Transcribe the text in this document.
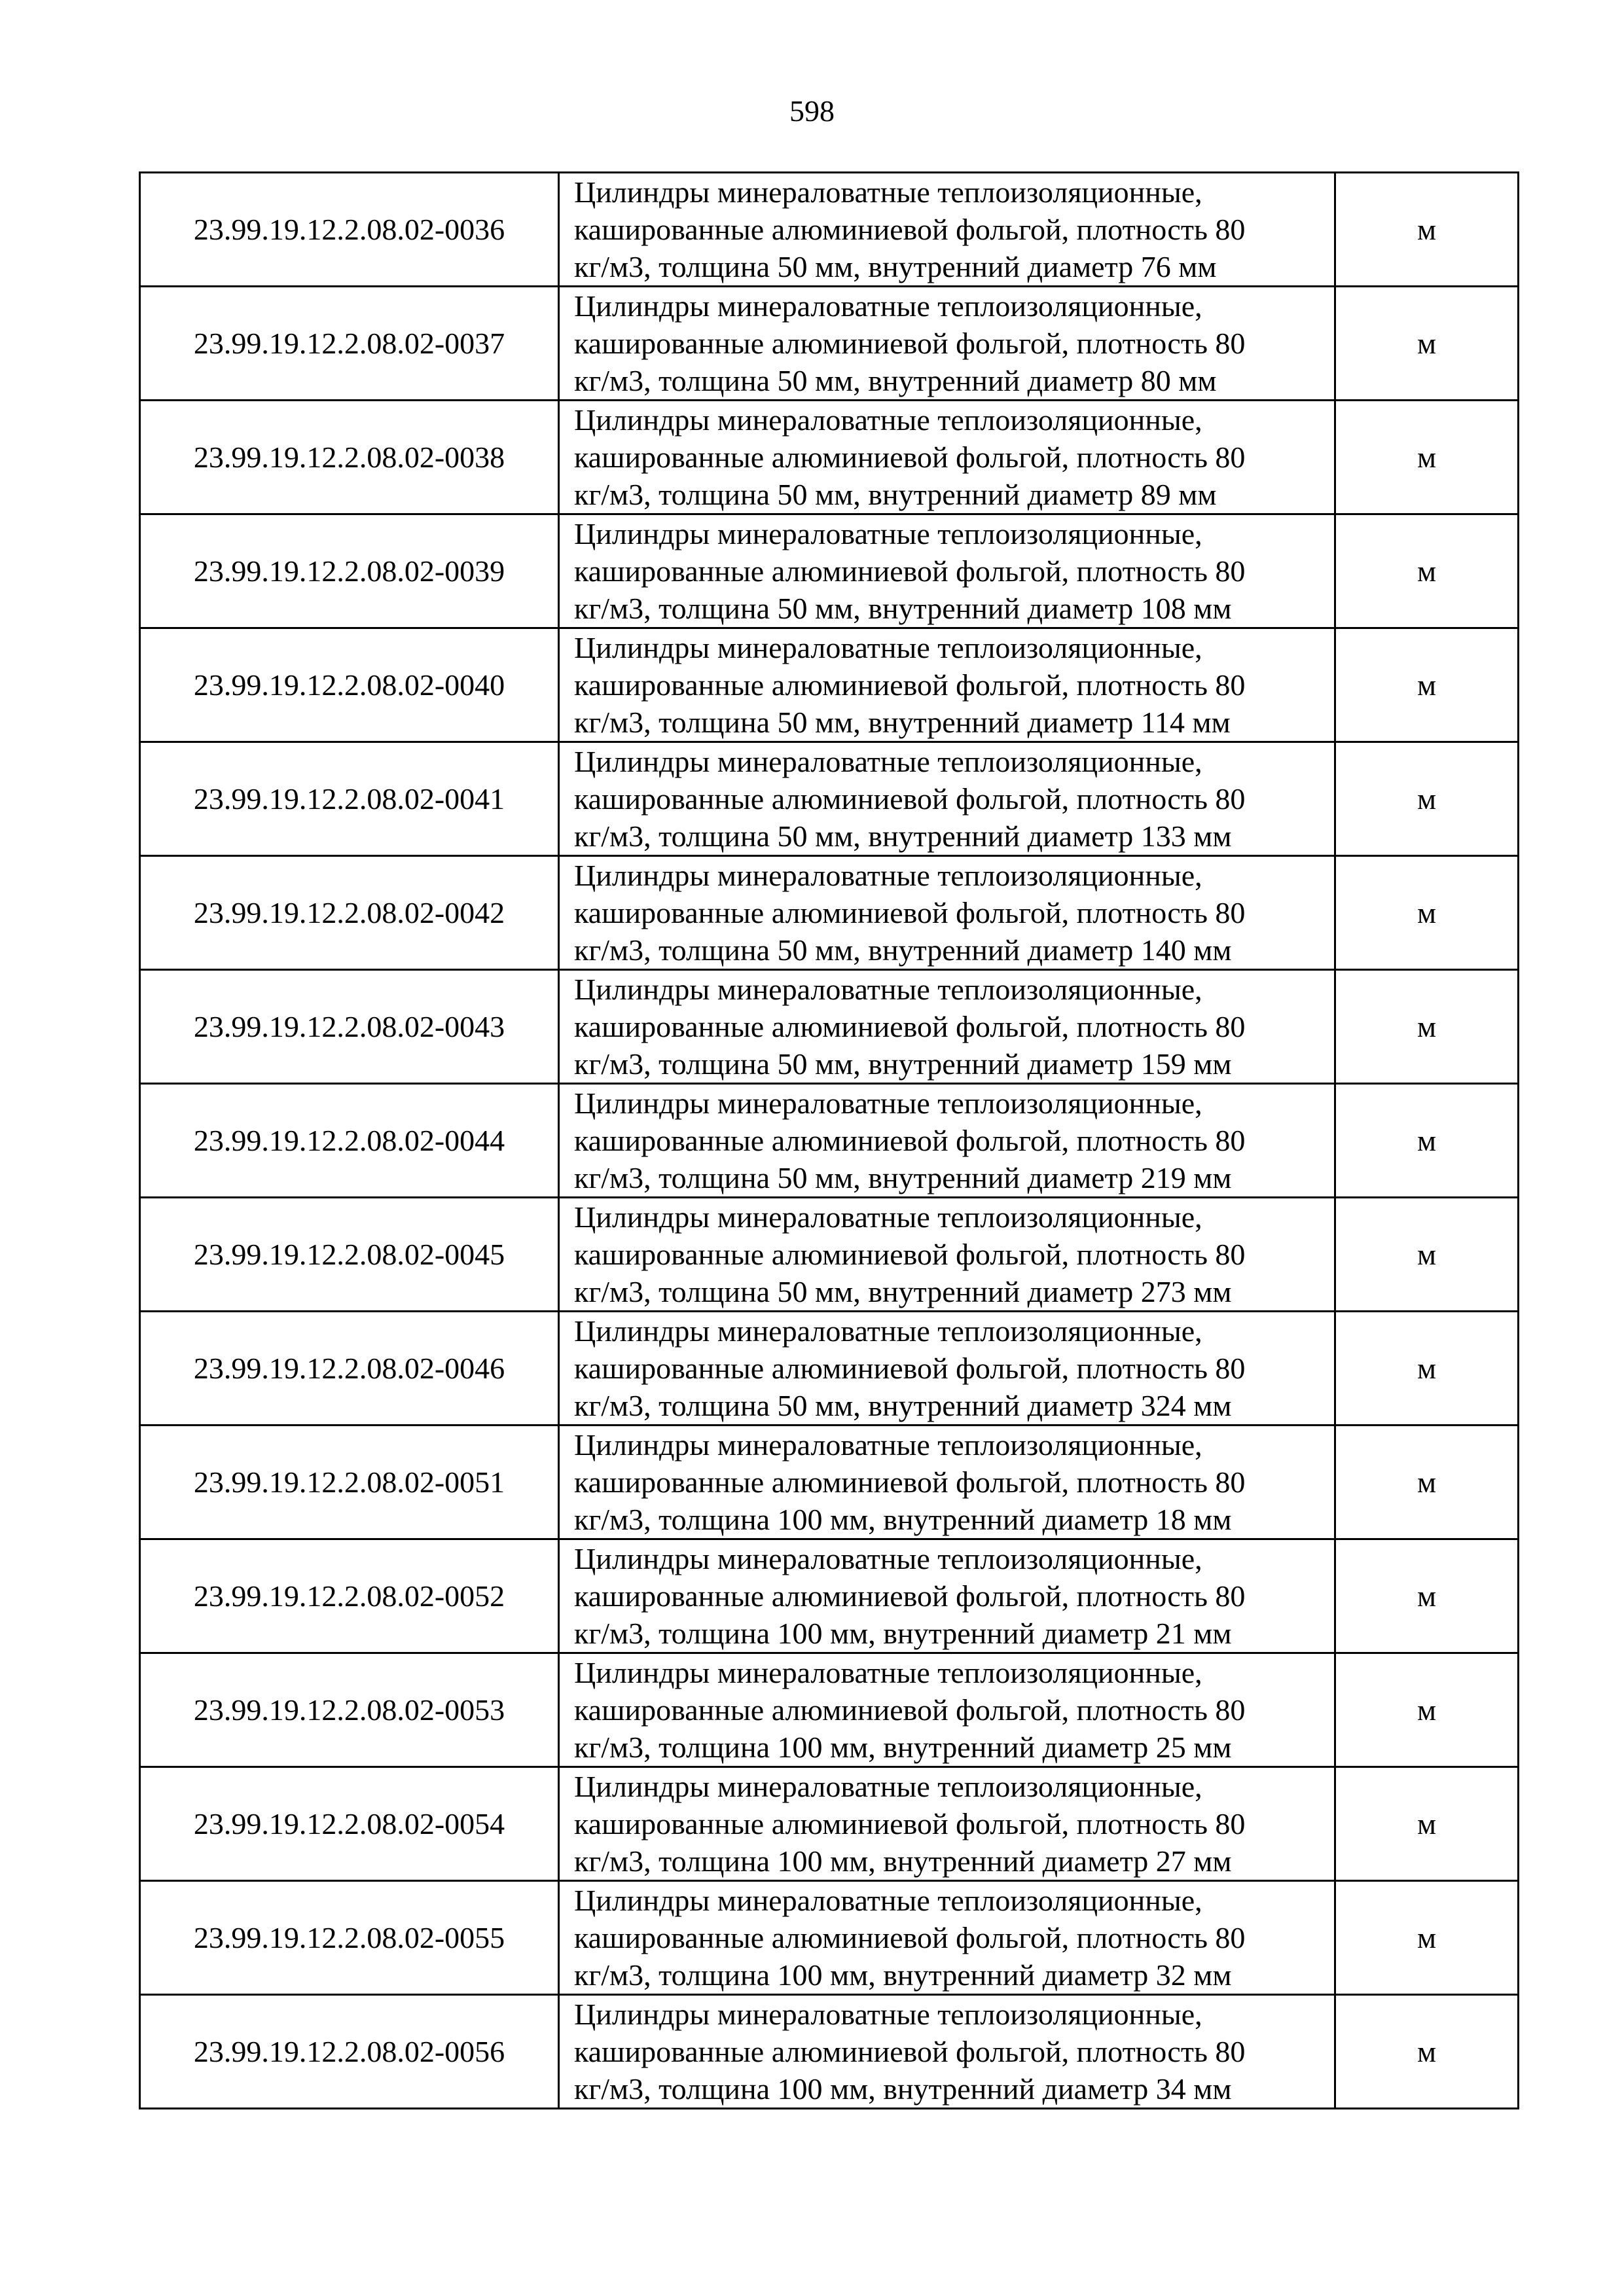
598
23.99.19.12.2.08.02-0036	Цилиндры минераловатные теплоизоляционные,
кашированные алюминиевой фольгой, плотность 80
кг/м3, толщина 50 мм, внутренний диаметр 76 мм	м
23.99.19.12.2.08.02-0037	Цилиндры минераловатные теплоизоляционные,
кашированные алюминиевой фольгой, плотность 80
кг/м3, толщина 50 мм, внутренний диаметр 80 мм	м
23.99.19.12.2.08.02-0038	Цилиндры минераловатные теплоизоляционные,
кашированные алюминиевой фольгой, плотность 80
кг/м3, толщина 50 мм, внутренний диаметр 89 мм	м
23.99.19.12.2.08.02-0039	Цилиндры минераловатные теплоизоляционные,
кашированные алюминиевой фольгой, плотность 80
кг/м3, толщина 50 мм, внутренний диаметр 108 мм	м
23.99.19.12.2.08.02-0040	Цилиндры минераловатные теплоизоляционные,
кашированные алюминиевой фольгой, плотность 80
кг/м3, толщина 50 мм, внутренний диаметр 114 мм	м
23.99.19.12.2.08.02-0041	Цилиндры минераловатные теплоизоляционные,
кашированные алюминиевой фольгой, плотность 80
кг/м3, толщина 50 мм, внутренний диаметр 133 мм	м
23.99.19.12.2.08.02-0042	Цилиндры минераловатные теплоизоляционные,
кашированные алюминиевой фольгой, плотность 80
кг/м3, толщина 50 мм, внутренний диаметр 140 мм	м
23.99.19.12.2.08.02-0043	Цилиндры минераловатные теплоизоляционные,
кашированные алюминиевой фольгой, плотность 80
кг/м3, толщина 50 мм, внутренний диаметр 159 мм	м
23.99.19.12.2.08.02-0044	Цилиндры минераловатные теплоизоляционные,
кашированные алюминиевой фольгой, плотность 80
кг/м3, толщина 50 мм, внутренний диаметр 219 мм	м
23.99.19.12.2.08.02-0045	Цилиндры минераловатные теплоизоляционные,
кашированные алюминиевой фольгой, плотность 80
кг/м3, толщина 50 мм, внутренний диаметр 273 мм	м
23.99.19.12.2.08.02-0046	Цилиндры минераловатные теплоизоляционные,
кашированные алюминиевой фольгой, плотность 80
кг/м3, толщина 50 мм, внутренний диаметр 324 мм	м
23.99.19.12.2.08.02-0051	Цилиндры минераловатные теплоизоляционные,
кашированные алюминиевой фольгой, плотность 80
кг/м3, толщина 100 мм, внутренний диаметр 18 мм	м
23.99.19.12.2.08.02-0052	Цилиндры минераловатные теплоизоляционные,
кашированные алюминиевой фольгой, плотность 80
кг/м3, толщина 100 мм, внутренний диаметр 21 мм	м
23.99.19.12.2.08.02-0053	Цилиндры минераловатные теплоизоляционные,
кашированные алюминиевой фольгой, плотность 80
кг/м3, толщина 100 мм, внутренний диаметр 25 мм	м
23.99.19.12.2.08.02-0054	Цилиндры минераловатные теплоизоляционные,
кашированные алюминиевой фольгой, плотность 80
кг/м3, толщина 100 мм, внутренний диаметр 27 мм	м
23.99.19.12.2.08.02-0055	Цилиндры минераловатные теплоизоляционные,
кашированные алюминиевой фольгой, плотность 80
кг/м3, толщина 100 мм, внутренний диаметр 32 мм	м
23.99.19.12.2.08.02-0056	Цилиндры минераловатные теплоизоляционные,
кашированные алюминиевой фольгой, плотность 80
кг/м3, толщина 100 мм, внутренний диаметр 34 мм	м
